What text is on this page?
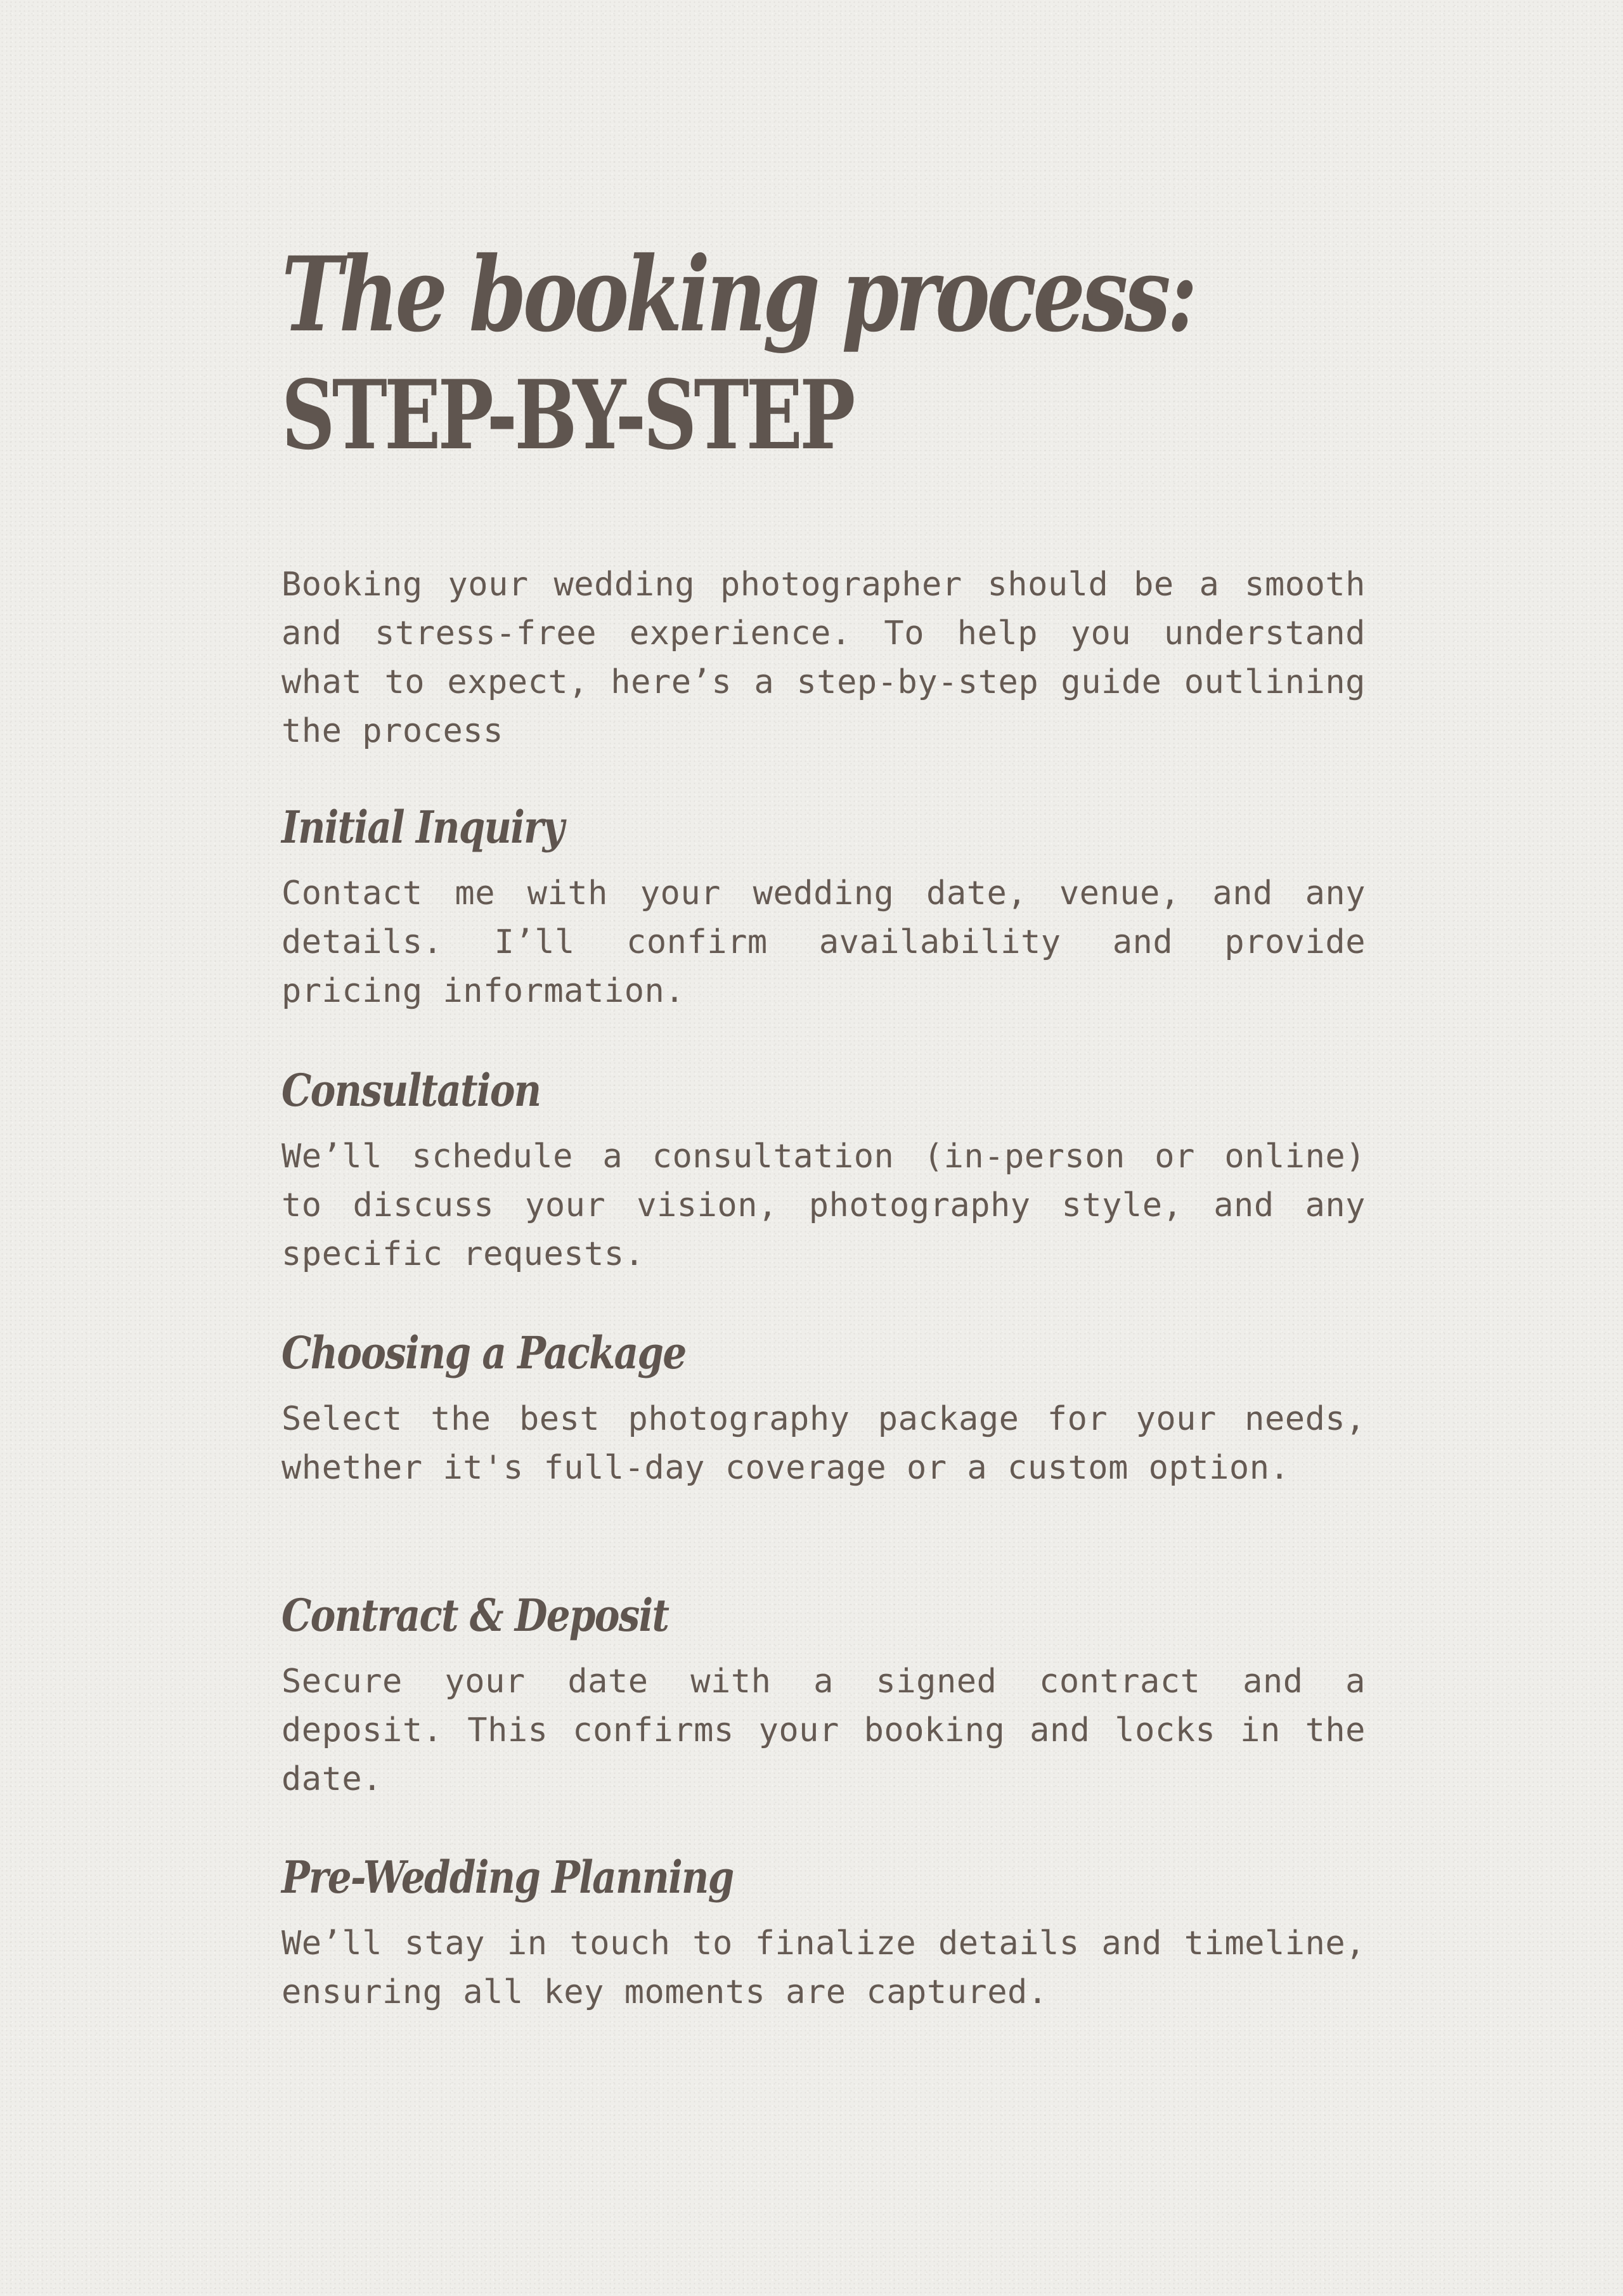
The booking process:
STEP-BY-STEP

Booking your wedding photographer should be a smooth and stress-free experience. To help you understand what to expect, here’s a step-by-step guide outlining the process

Initial Inquiry

Contact me with your wedding date, venue, and any details. I’ll confirm availability and provide pricing information.

Consultation

We’ll schedule a consultation (in-person or online) to discuss your vision, photography style, and any specific requests.

Choosing a Package

Select the best photography package for your needs, whether it's full-day coverage or a custom option.

Contract & Deposit

Secure your date with a signed contract and a deposit. This confirms your booking and locks in the date.

Pre-Wedding Planning

We’ll stay in touch to finalize details and timeline, ensuring all key moments are captured.
